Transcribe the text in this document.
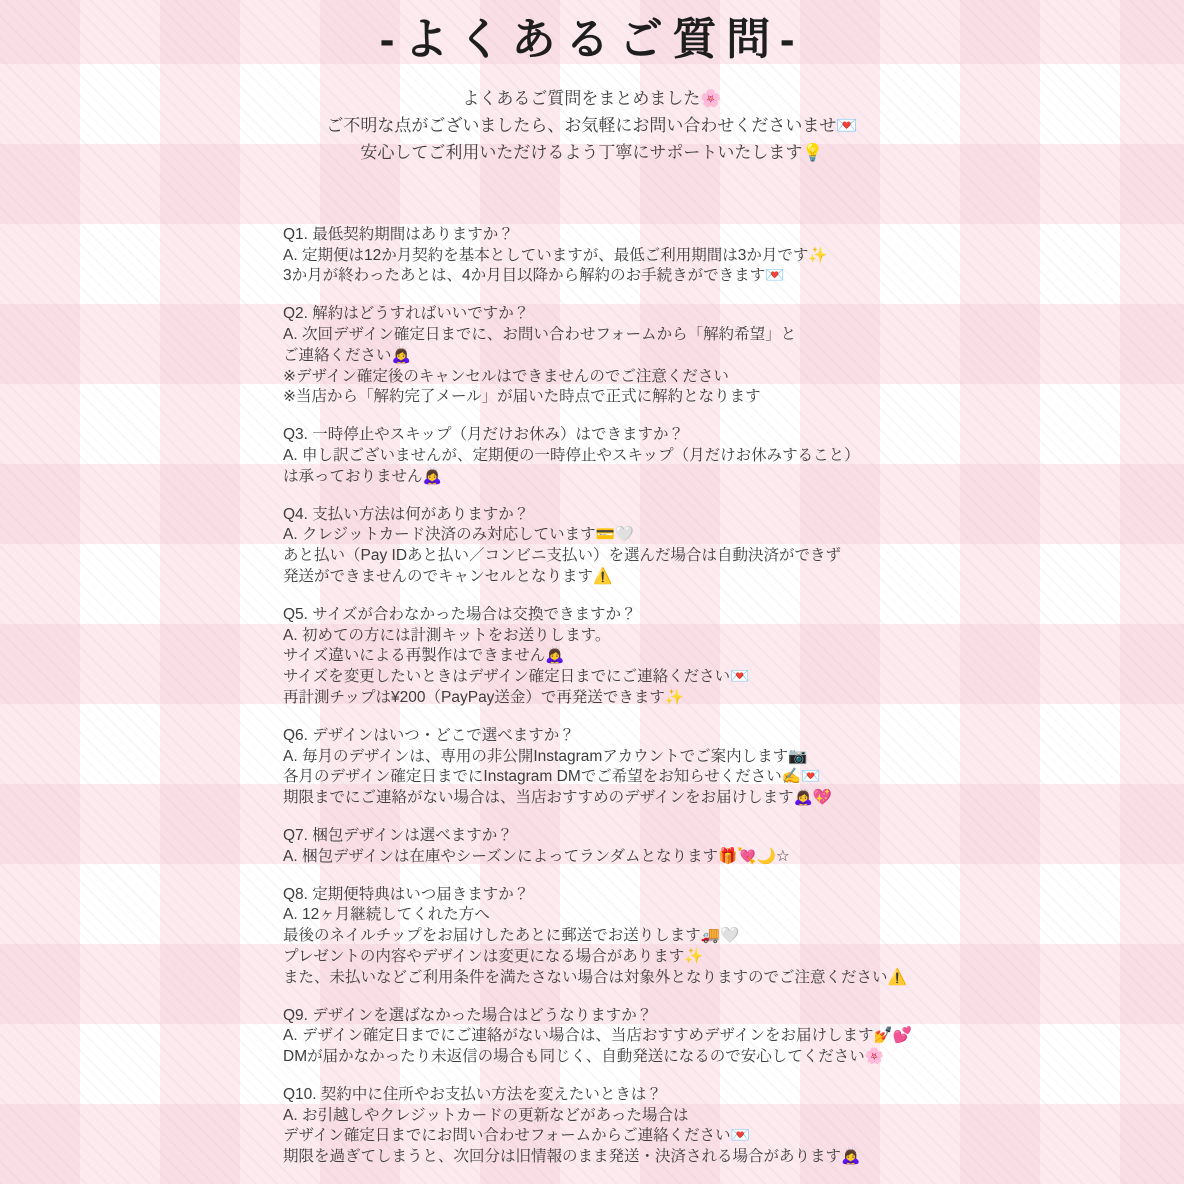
-よくあるご質問-
よくあるご質問をまとめました🌸
ご不明な点がございましたら、お気軽にお問い合わせくださいませ💌
安心してご利用いただけるよう丁寧にサポートいたします💡
Q1. 最低契約期間はありますか？
A. 定期便は12か月契約を基本としていますが、最低ご利用期間は3か月です✨
3か月が終わったあとは、4か月目以降から解約のお手続きができます💌
Q2. 解約はどうすればいいですか？
A. 次回デザイン確定日までに、お問い合わせフォームから「解約希望」と
ご連絡ください🙇‍♀️
※デザイン確定後のキャンセルはできませんのでご注意ください
※当店から「解約完了メール」が届いた時点で正式に解約となります
Q3. 一時停止やスキップ（月だけお休み）はできますか？
A. 申し訳ございませんが、定期便の一時停止やスキップ（月だけお休みすること）
は承っておりません🙇‍♀️
Q4. 支払い方法は何がありますか？
A. クレジットカード決済のみ対応しています💳🤍
あと払い（Pay IDあと払い／コンビニ支払い）を選んだ場合は自動決済ができず
発送ができませんのでキャンセルとなります⚠️
Q5. サイズが合わなかった場合は交換できますか？
A. 初めての方には計測キットをお送りします。
サイズ違いによる再製作はできません🙇‍♀️
サイズを変更したいときはデザイン確定日までにご連絡ください💌
再計測チップは¥200（PayPay送金）で再発送できます✨
Q6. デザインはいつ・どこで選べますか？
A. 毎月のデザインは、専用の非公開Instagramアカウントでご案内します📷
各月のデザイン確定日までにInstagram DMでご希望をお知らせください✍️💌
期限までにご連絡がない場合は、当店おすすめのデザインをお届けします🙇‍♀️💖
Q7. 梱包デザインは選べますか？
A. 梱包デザインは在庫やシーズンによってランダムとなります🎁💘🌙☆
Q8. 定期便特典はいつ届きますか？
A. 12ヶ月継続してくれた方へ
最後のネイルチップをお届けしたあとに郵送でお送りします🚚🤍
プレゼントの内容やデザインは変更になる場合があります✨
また、未払いなどご利用条件を満たさない場合は対象外となりますのでご注意ください⚠️
Q9. デザインを選ばなかった場合はどうなりますか？
A. デザイン確定日までにご連絡がない場合は、当店おすすめデザインをお届けします💅💕
DMが届かなかったり未返信の場合も同じく、自動発送になるので安心してください🌸
Q10. 契約中に住所やお支払い方法を変えたいときは？
A. お引越しやクレジットカードの更新などがあった場合は
デザイン確定日までにお問い合わせフォームからご連絡ください💌
期限を過ぎてしまうと、次回分は旧情報のまま発送・決済される場合があります🙇‍♀️
